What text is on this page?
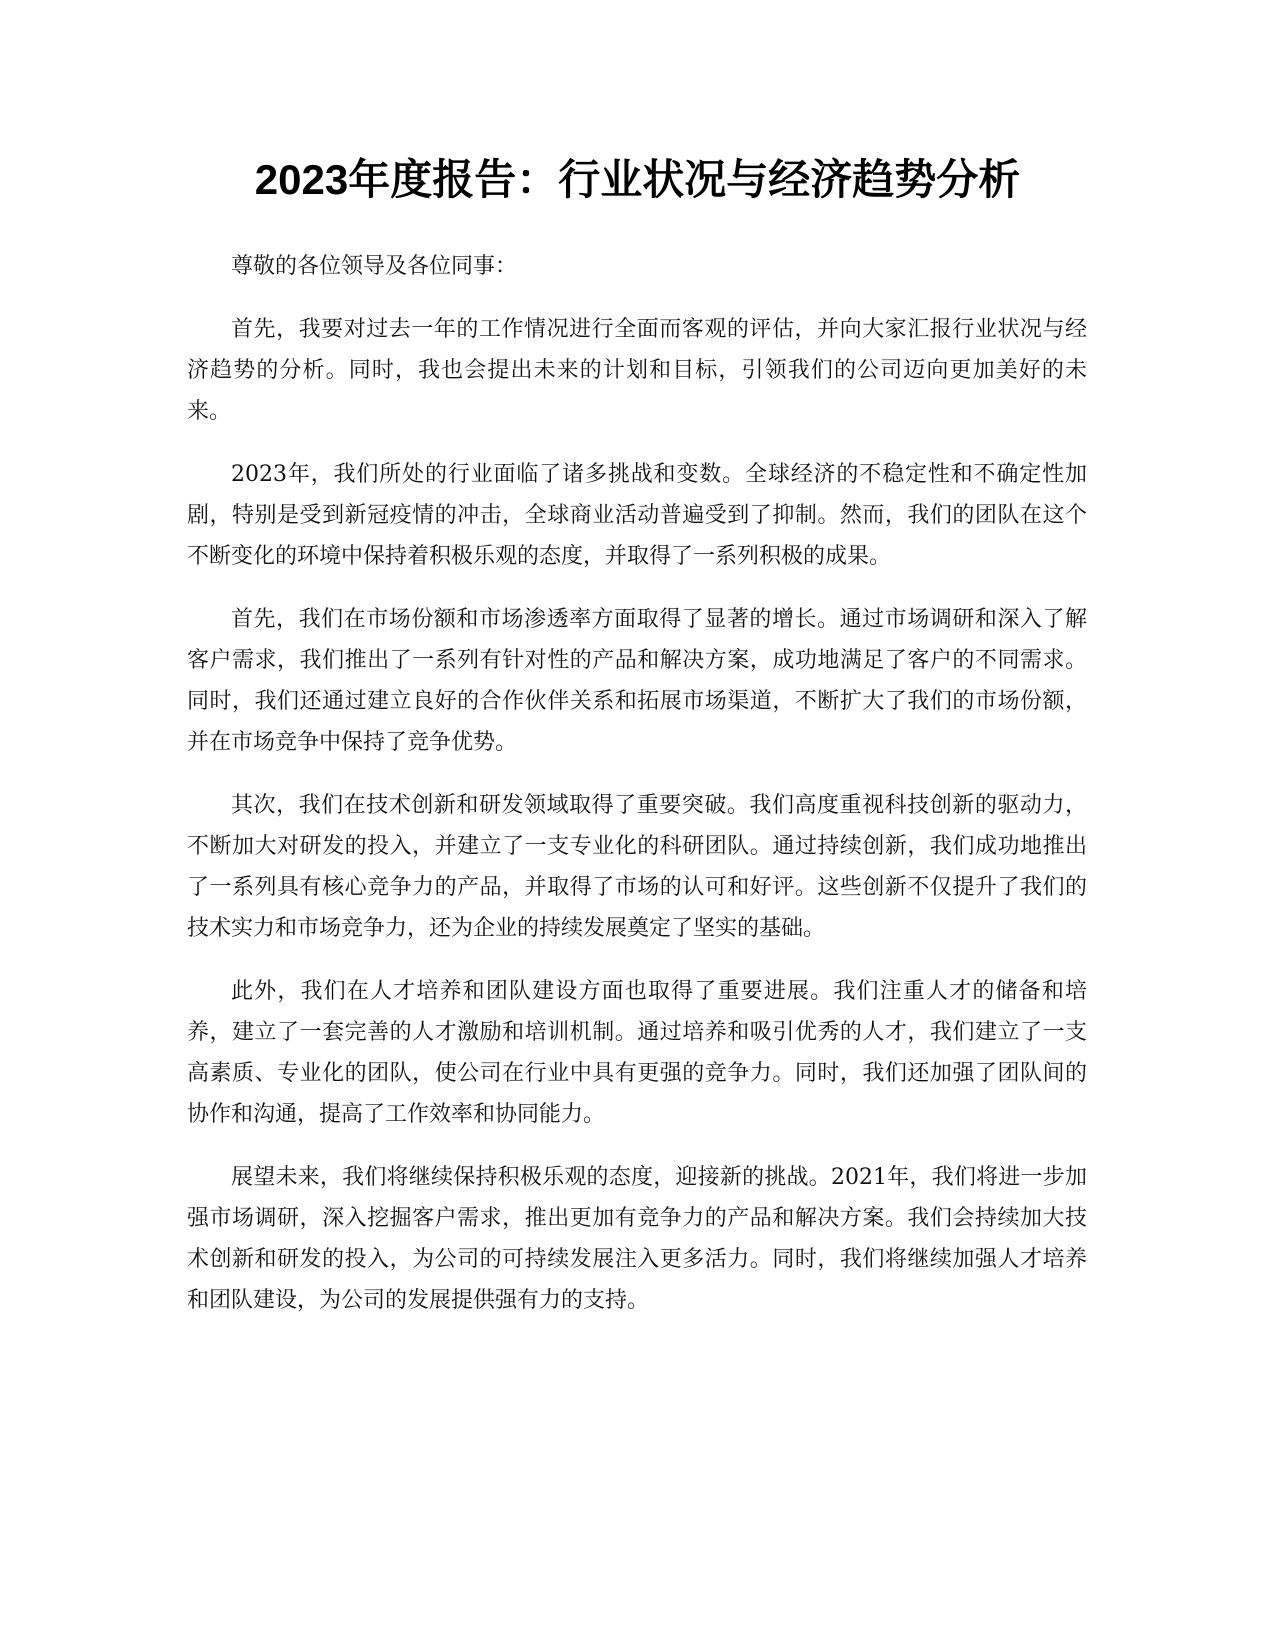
2023年度报告：行业状况与经济趋势分析

尊敬的各位领导及各位同事：

首先，我要对过去一年的工作情况进行全面而客观的评估，并向大家汇报行业状况与经济趋势的分析。同时，我也会提出未来的计划和目标，引领我们的公司迈向更加美好的未来。

2023年，我们所处的行业面临了诸多挑战和变数。全球经济的不稳定性和不确定性加剧，特别是受到新冠疫情的冲击，全球商业活动普遍受到了抑制。然而，我们的团队在这个不断变化的环境中保持着积极乐观的态度，并取得了一系列积极的成果。

首先，我们在市场份额和市场渗透率方面取得了显著的增长。通过市场调研和深入了解客户需求，我们推出了一系列有针对性的产品和解决方案，成功地满足了客户的不同需求。同时，我们还通过建立良好的合作伙伴关系和拓展市场渠道，不断扩大了我们的市场份额，并在市场竞争中保持了竞争优势。

其次，我们在技术创新和研发领域取得了重要突破。我们高度重视科技创新的驱动力，不断加大对研发的投入，并建立了一支专业化的科研团队。通过持续创新，我们成功地推出了一系列具有核心竞争力的产品，并取得了市场的认可和好评。这些创新不仅提升了我们的技术实力和市场竞争力，还为企业的持续发展奠定了坚实的基础。

此外，我们在人才培养和团队建设方面也取得了重要进展。我们注重人才的储备和培养，建立了一套完善的人才激励和培训机制。通过培养和吸引优秀的人才，我们建立了一支高素质、专业化的团队，使公司在行业中具有更强的竞争力。同时，我们还加强了团队间的协作和沟通，提高了工作效率和协同能力。

展望未来，我们将继续保持积极乐观的态度，迎接新的挑战。2021年，我们将进一步加强市场调研，深入挖掘客户需求，推出更加有竞争力的产品和解决方案。我们会持续加大技术创新和研发的投入，为公司的可持续发展注入更多活力。同时，我们将继续加强人才培养和团队建设，为公司的发展提供强有力的支持。
